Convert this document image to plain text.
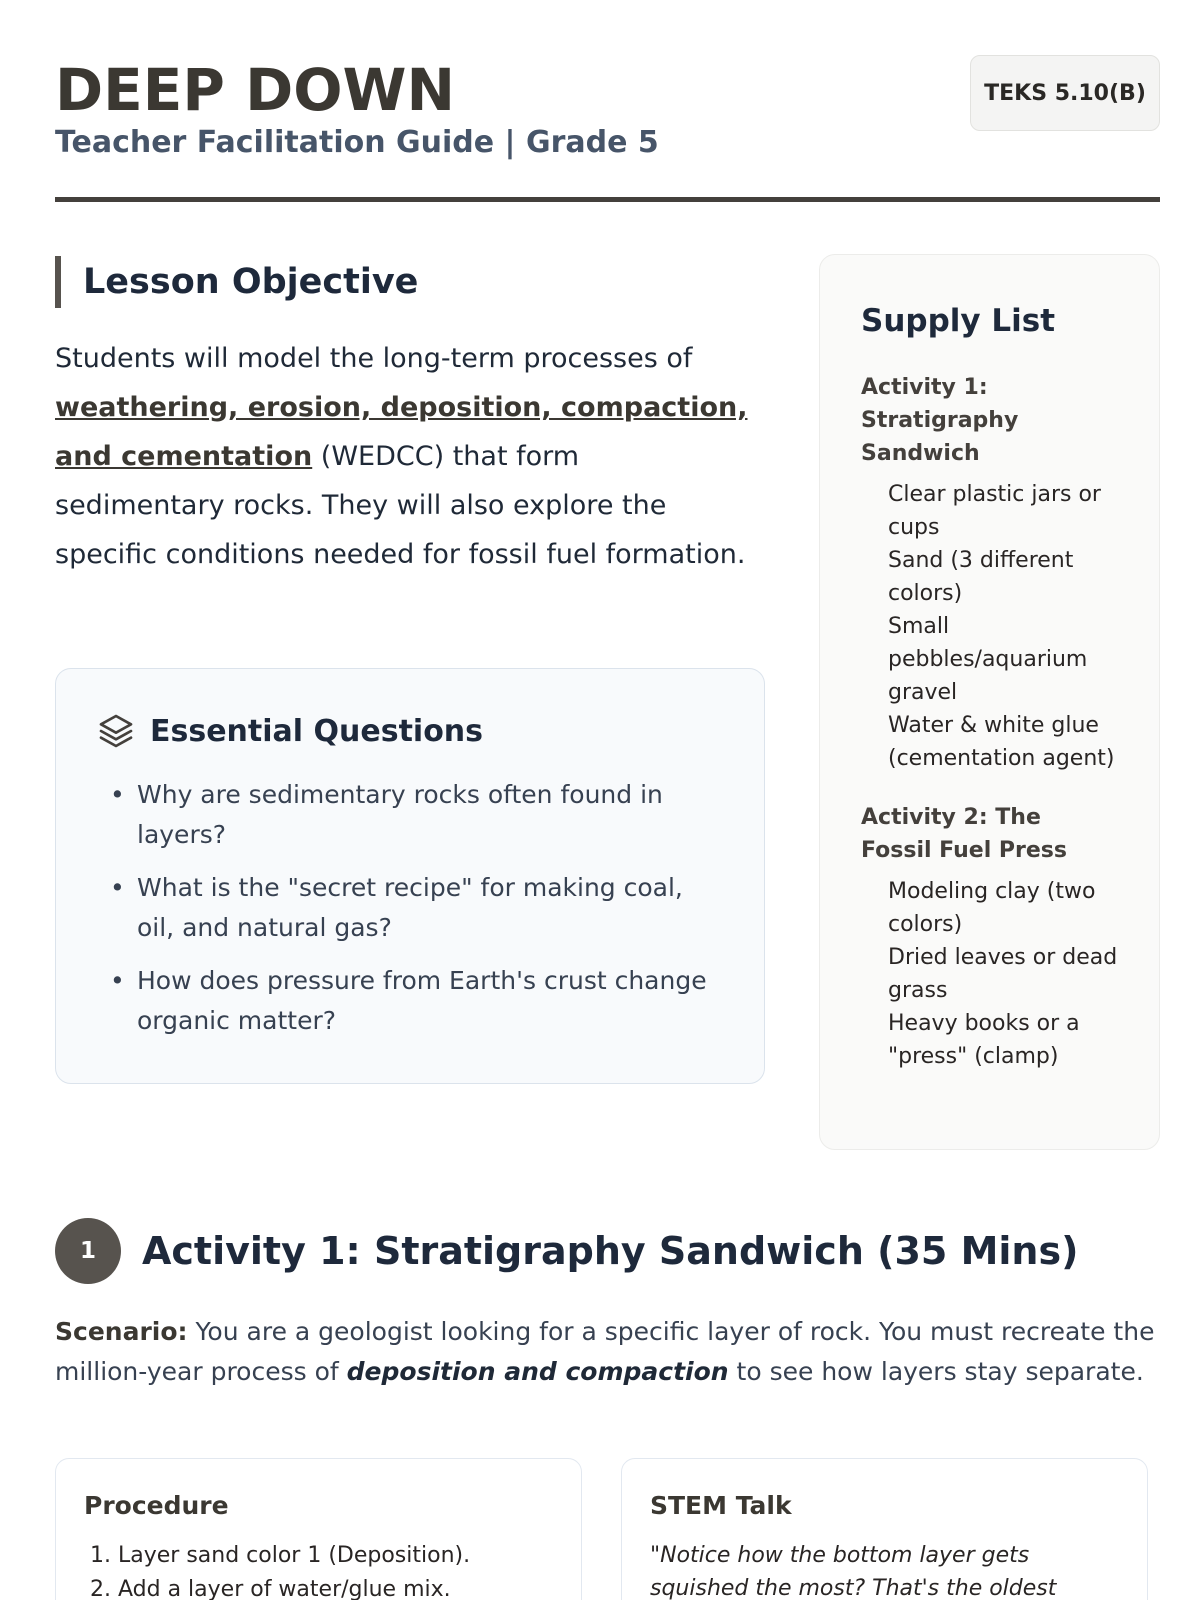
DEEP DOWN
Teacher Facilitation Guide | Grade 5
TEKS 5.10(B)
Lesson Objective

Students will model the long-term processes of weathering, erosion, deposition, compaction, and cementation (WEDCC) that form sedimentary rocks. They will also explore the specific conditions needed for fossil fuel formation.

Essential Questions
• Why are sedimentary rocks often found in layers?
• What is the "secret recipe" for making coal, oil, and natural gas?
• How does pressure from Earth's crust change organic matter?
Supply List
Activity 1: Stratigraphy Sandwich
Clear plastic jars or cups
Sand (3 different colors)
Small pebbles/aquarium gravel
Water & white glue (cementation agent)
Activity 2: The Fossil Fuel Press
Modeling clay (two colors)
Dried leaves or dead grass
Heavy books or a "press" (clamp)
1	Activity 1: Stratigraphy Sandwich (35 Mins)

Scenario: You are a geologist looking for a specific layer of rock. You must recreate the million-year process of deposition and compaction to see how layers stay separate.

Procedure
1. Layer sand color 1 (Deposition).
2. Add a layer of water/glue mix.
STEM Talk

"Notice how the bottom layer gets squished the most? That's the oldest
